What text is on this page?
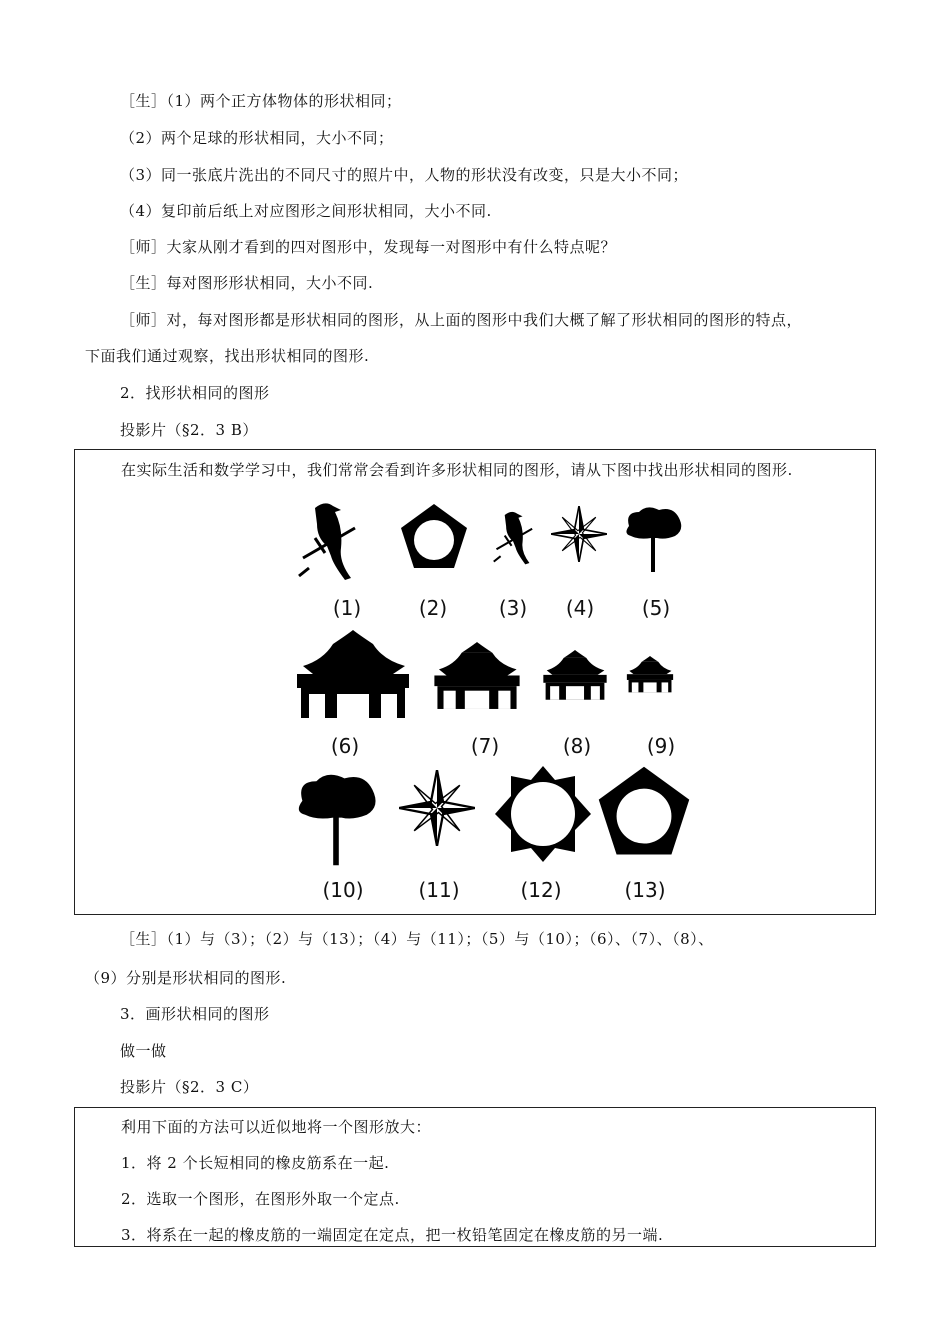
［生］（1）两个正方体物体的形状相同；
（2）两个足球的形状相同，大小不同；
（3）同一张底片洗出的不同尺寸的照片中，人物的形状没有改变，只是大小不同；
（4）复印前后纸上对应图形之间形状相同，大小不同.
［师］大家从刚才看到的四对图形中，发现每一对图形中有什么特点呢？
［生］每对图形形状相同，大小不同.
［师］对，每对图形都是形状相同的图形，从上面的图形中我们大概了解了形状相同的图形的特点，
下面我们通过观察，找出形状相同的图形.
2．找形状相同的图形
投影片（§2．3 B）
在实际生活和数学学习中，我们常常会看到许多形状相同的图形，请从下图中找出形状相同的图形.
(1)	(2)	(3)	(4)	(5)
(6)	(7)	(8)	(9)
(10)	(11)	(12)	(13)
［生］（1）与（3）；（2）与（13）；（4）与（11）；（5）与（10）；（6）、（7）、（8）、
（9）分别是形状相同的图形.
3．画形状相同的图形
做一做
投影片（§2．3 C）
利用下面的方法可以近似地将一个图形放大：
1．将 2 个长短相同的橡皮筋系在一起.
2．选取一个图形，在图形外取一个定点.
3．将系在一起的橡皮筋的一端固定在定点，把一枚铅笔固定在橡皮筋的另一端.
